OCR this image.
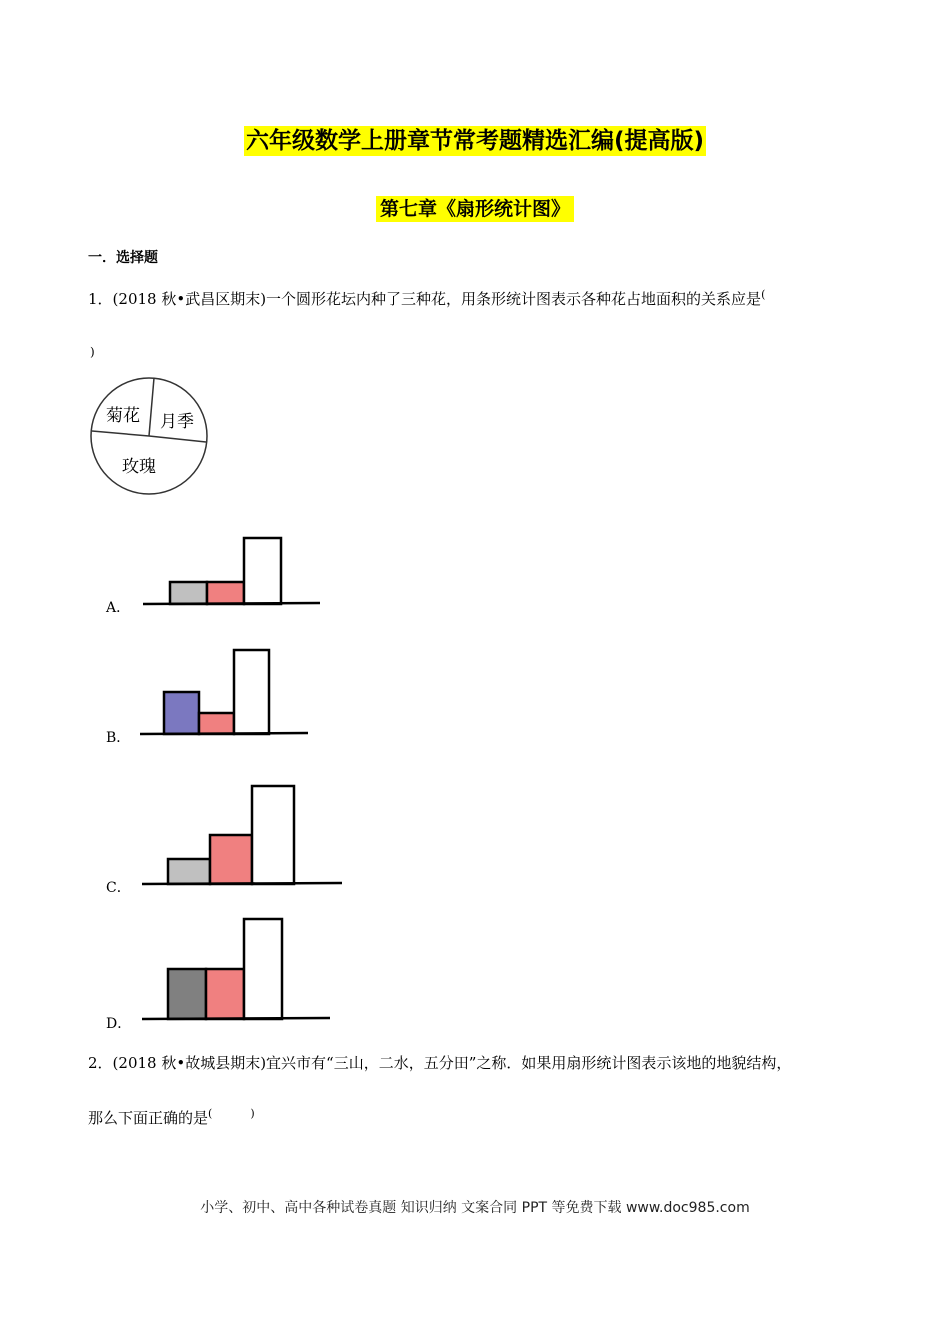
六年级数学上册章节常考题精选汇编(提高版)
第七章《扇形统计图》
一．选择题
1．(2018 秋•武昌区期末)一个圆形花坛内种了三种花，用条形统计图表示各种花占地面积的关系应是(
)
菊花 月季
玫瑰
A．
B．
C．
D．
2．(2018 秋•故城县期末)宜兴市有“三山，二水，五分田”之称．如果用扇形统计图表示该地的地貌结构，
那么下面正确的是(	)
小学、初中、高中各种试卷真题 知识归纳 文案合同 PPT 等免费下载 www.doc985.com
